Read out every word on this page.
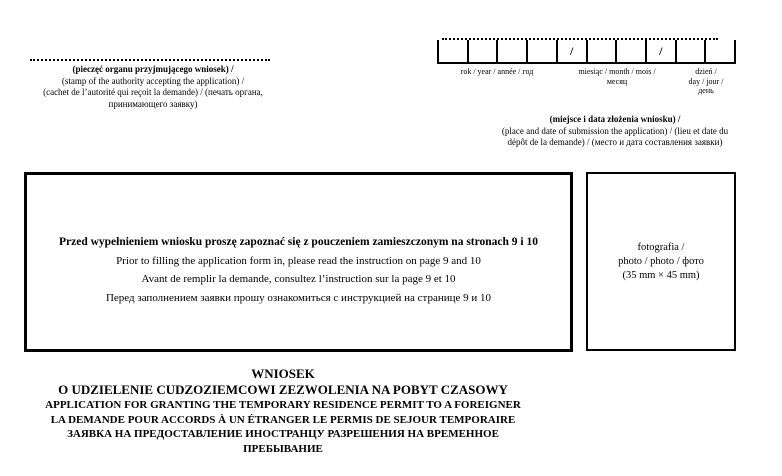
(pieczęć organu przyjmującego wniosek) /
(stamp of the authority accepting the application) /
(cachet de l’autorité qui reçoit la demande) / (печать органа,
принимающего заявку)
/	/
rok / year / année / год	miesiąc / month / mois /
месяц
dzień /
day / jour /
день
(miejsce i data złożenia wniosku) /
(place and date of submission the application) / (lieu et date du
dépôt de la demande) / (место и дата составления заявки)
Przed wypełnieniem wniosku proszę zapoznać się z pouczeniem zamieszczonym na stronach 9 i 10
Prior to filling the application form in, please read the instruction on page 9 and 10
Avant de remplir la demande, consultez l’instruction sur la page 9 et 10
Перед заполнением заявки прошу ознакомиться с инструкцией на странице 9 и 10
fotografia /
photo / photo / фото
(35 mm × 45 mm)
WNIOSEK
O UDZIELENIE CUDZOZIEMCOWI ZEZWOLENIA NA POBYT CZASOWY
APPLICATION FOR GRANTING THE TEMPORARY RESIDENCE PERMIT TO A FOREIGNER
LA DEMANDE POUR ACCORDS À UN ÉTRANGER LE PERMIS DE SEJOUR TEMPORAIRE
ЗАЯВКА НА ПРЕДОСТАВЛЕНИЕ ИНОСТРАНЦУ РАЗРЕШЕНИЯ НА ВРЕМЕННОЕ
ПРЕБЫВАНИЕ
